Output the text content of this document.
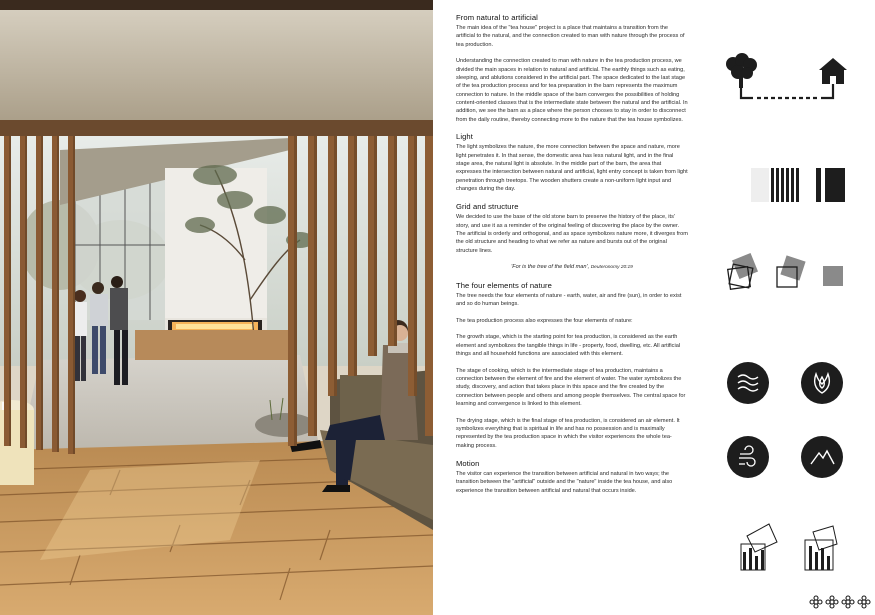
From natural to artificial

The main idea of the "tea house" project is a place that maintains a transition from the artificial to the natural, and the connection created to man with nature through the process of tea production.

Understanding the connection created to man with nature in the tea production process, we divided the main spaces in relation to natural and artificial. The earthly things such as eating, sleeping, and ablutions considered in the artificial part. The space dedicated to the last stage of the tea production process and for tea preparation in the barn represents the maximum connection to nature. In the middle space of the barn converges the possibilities of holding content-oriented classes that is the intermediate state between the natural and the artificial. In addition, we see the barn as a place where the person chooses to stay in order to disconnect from the daily routine, thereby connecting more to the nature that the tea house symbolizes.

Light

The light symbolizes the nature, the more connection between the space and nature, more light penetrates it. In that sense, the domestic area has less natural light, and in the final stage area, the natural light is absolute. In the middle part of the barn, the area that expresses the intersection between natural and artificial, light entry concept is taken from light penetration through treetops. The wooden shutters create a non-uniform light input and changes during the day.

Grid and structure

We decided to use the base of the old stone barn to preserve the history of the place, its' story, and use it as a reminder of the original feeling of discovering the place by the owner.

The artificial is orderly and orthogonal, and as space symbolizes nature more, it diverges from the old structure and heading to what we refer as nature and bursts out of the original structure lines.

'For is the tree of the field man', Deuteronomy 20:19
The four elements of nature

The tree needs the four elements of nature - earth, water, air and fire (sun), in order to exist and so do human beings.

The tea production process also expresses the four elements of nature:

The growth stage, which is the starting point for tea production, is considered as the earth element and symbolizes the tangible things in life - property, food, dwelling, etc. All artificial things and all household functions are associated with this element.

The stage of cooking, which is the intermediate stage of tea production, maintains a connection between the element of fire and the element of water. The water symbolizes the study, discovery, and action that takes place in this space and the fire created by the connection between people and others and among people themselves. The central space for learning and convergence is linked to this element.

The drying stage, which is the final stage of tea production, is considered an air element. It symbolizes everything that is spiritual in life and has no possession and is maximally represented by the tea production space in which the visitor experiences the whole tea-making process.

Motion

The visitor can experience the transition between artificial and natural in two ways; the transition between the "artificial" outside and the "nature" inside the tea house, and also experience the transition between artificial and natural that occurs inside.
